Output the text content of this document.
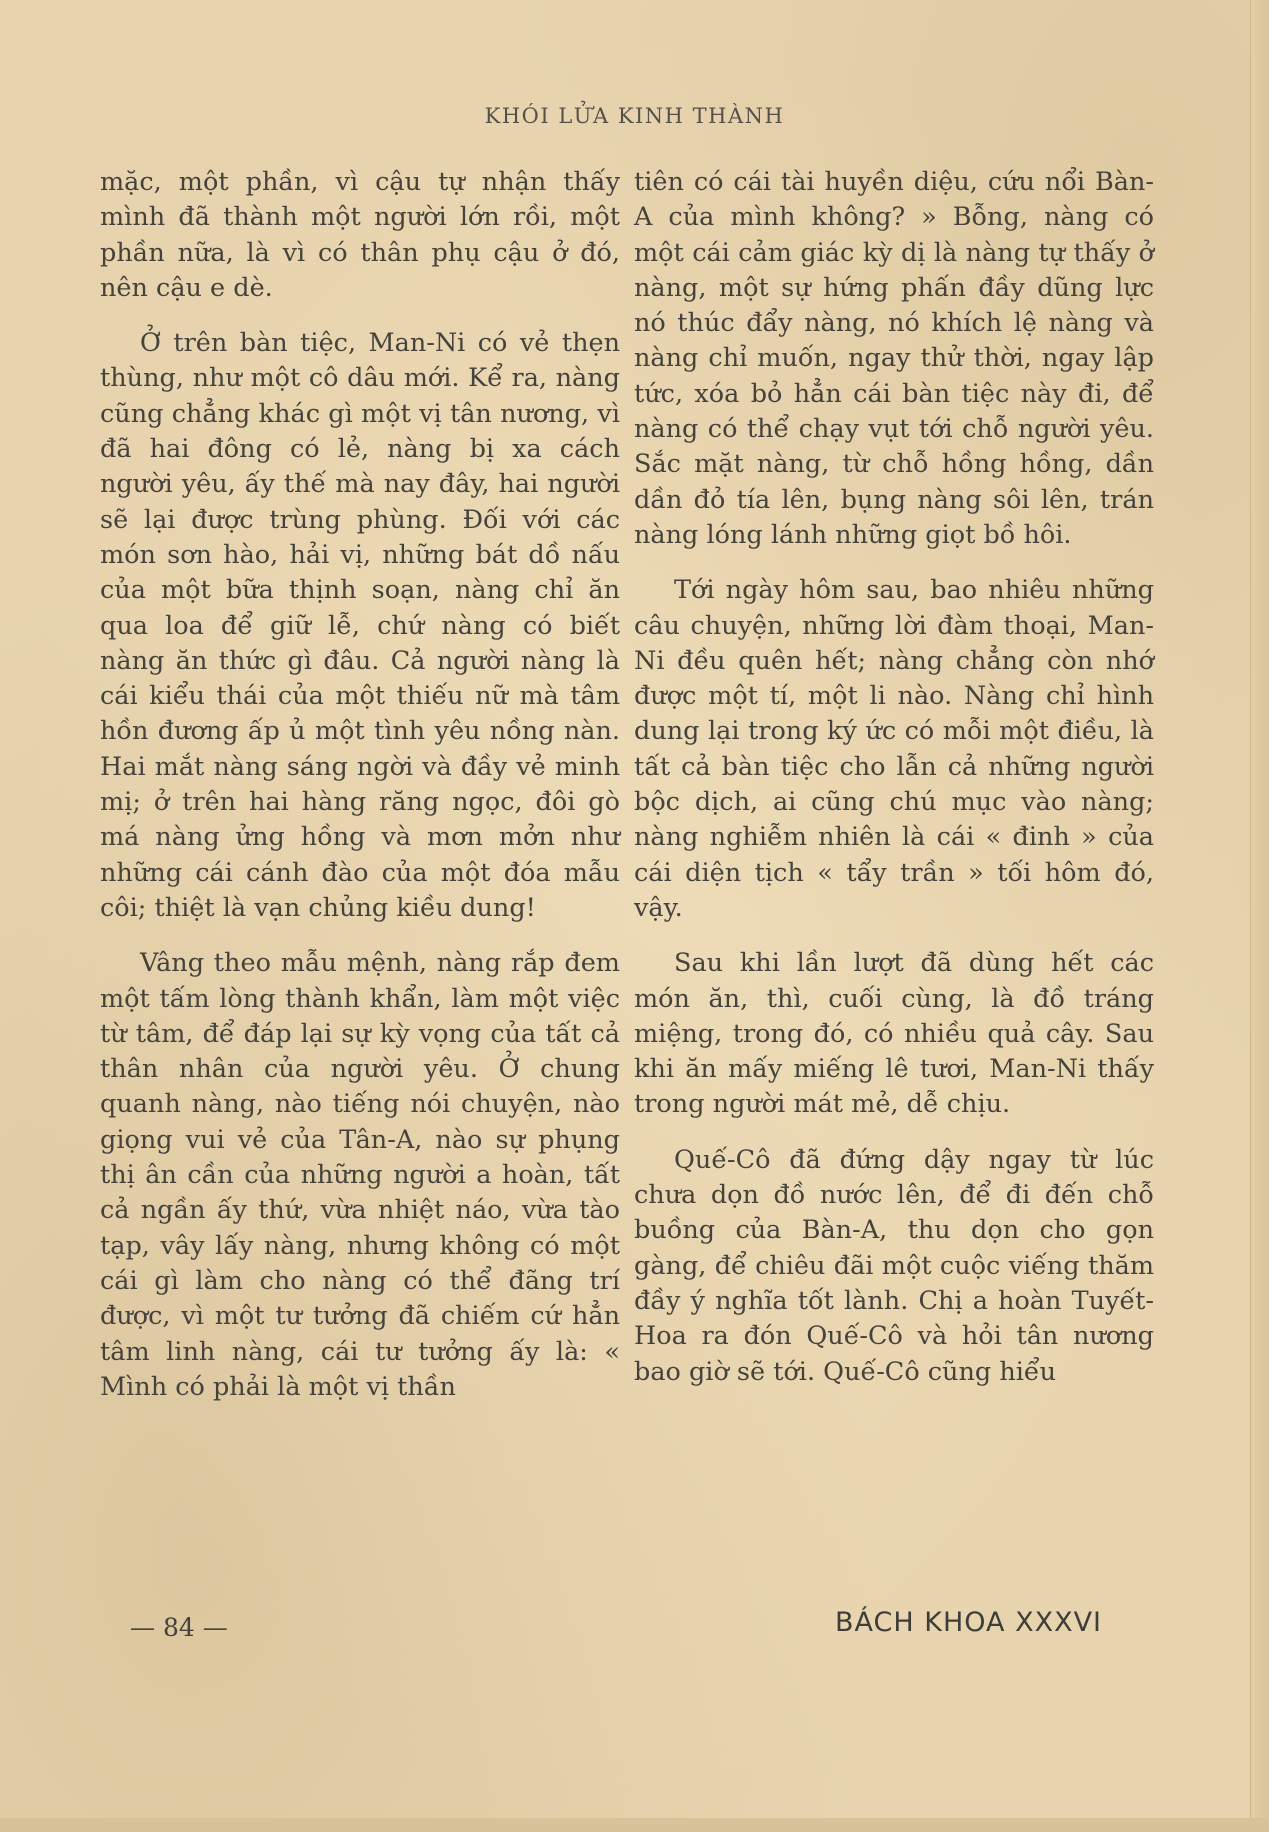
KHÓI LỬA KINH THÀNH

mặc, một phần, vì cậu tự nhận thấy mình đã thành một người lớn rồi, một phần nữa, là vì có thân phụ cậu ở đó, nên cậu e dè.

Ở trên bàn tiệc, Man-Ni có vẻ thẹn thùng, như một cô dâu mới. Kể ra, nàng cũng chẳng khác gì một vị tân nương, vì đã hai đông có lẻ, nàng bị xa cách người yêu, ấy thế mà nay đây, hai người sẽ lại được trùng phùng. Đối với các món sơn hào, hải vị, những bát dồ nấu của một bữa thịnh soạn, nàng chỉ ăn qua loa để giữ lễ, chứ nàng có biết nàng ăn thức gì đâu. Cả người nàng là cái kiểu thái của một thiếu nữ mà tâm hồn đương ấp ủ một tình yêu nồng nàn. Hai mắt nàng sáng ngời và đầy vẻ minh mị; ở trên hai hàng răng ngọc, đôi gò má nàng ửng hồng và mơn mởn như những cái cánh đào của một đóa mẫu côi; thiệt là vạn chủng kiều dung!

Vâng theo mẫu mệnh, nàng rắp đem một tấm lòng thành khẩn, làm một việc từ tâm, để đáp lại sự kỳ vọng của tất cả thân nhân của người yêu. Ở chung quanh nàng, nào tiếng nói chuyện, nào giọng vui vẻ của Tân-A, nào sự phụng thị ân cần của những người a hoàn, tất cả ngần ấy thứ, vừa nhiệt náo, vừa tào tạp, vây lấy nàng, nhưng không có một cái gì làm cho nàng có thể đãng trí được, vì một tư tưởng đã chiếm cứ hẳn tâm linh nàng, cái tư tưởng ấy là: « Mình có phải là một vị thần

tiên có cái tài huyền diệu, cứu nổi Bàn-A của mình không? » Bỗng, nàng có một cái cảm giác kỳ dị là nàng tự thấy ở nàng, một sự hứng phấn đầy dũng lực nó thúc đẩy nàng, nó khích lệ nàng và nàng chỉ muốn, ngay thử thời, ngay lập tức, xóa bỏ hẳn cái bàn tiệc này đi, để nàng có thể chạy vụt tới chỗ người yêu. Sắc mặt nàng, từ chỗ hồng hồng, dần dần đỏ tía lên, bụng nàng sôi lên, trán nàng lóng lánh những giọt bồ hôi.

Tới ngày hôm sau, bao nhiêu những câu chuyện, những lời đàm thoại, Man-Ni đều quên hết; nàng chẳng còn nhớ được một tí, một li nào. Nàng chỉ hình dung lại trong ký ức có mỗi một điều, là tất cả bàn tiệc cho lẫn cả những người bộc dịch, ai cũng chú mục vào nàng; nàng nghiễm nhiên là cái « đinh » của cái diện tịch « tẩy trần » tối hôm đó, vậy.

Sau khi lần lượt đã dùng hết các món ăn, thì, cuối cùng, là đồ tráng miệng, trong đó, có nhiều quả cây. Sau khi ăn mấy miếng lê tươi, Man-Ni thấy trong người mát mẻ, dễ chịu.

Quế-Cô đã đứng dậy ngay từ lúc chưa dọn đồ nước lên, để đi đến chỗ buồng của Bàn-A, thu dọn cho gọn gàng, để chiêu đãi một cuộc viếng thăm đầy ý nghĩa tốt lành. Chị a hoàn Tuyết-Hoa ra đón Quế-Cô và hỏi tân nương bao giờ sẽ tới. Quế-Cô cũng hiểu

— 84 —	BÁCH KHOA XXXVI
